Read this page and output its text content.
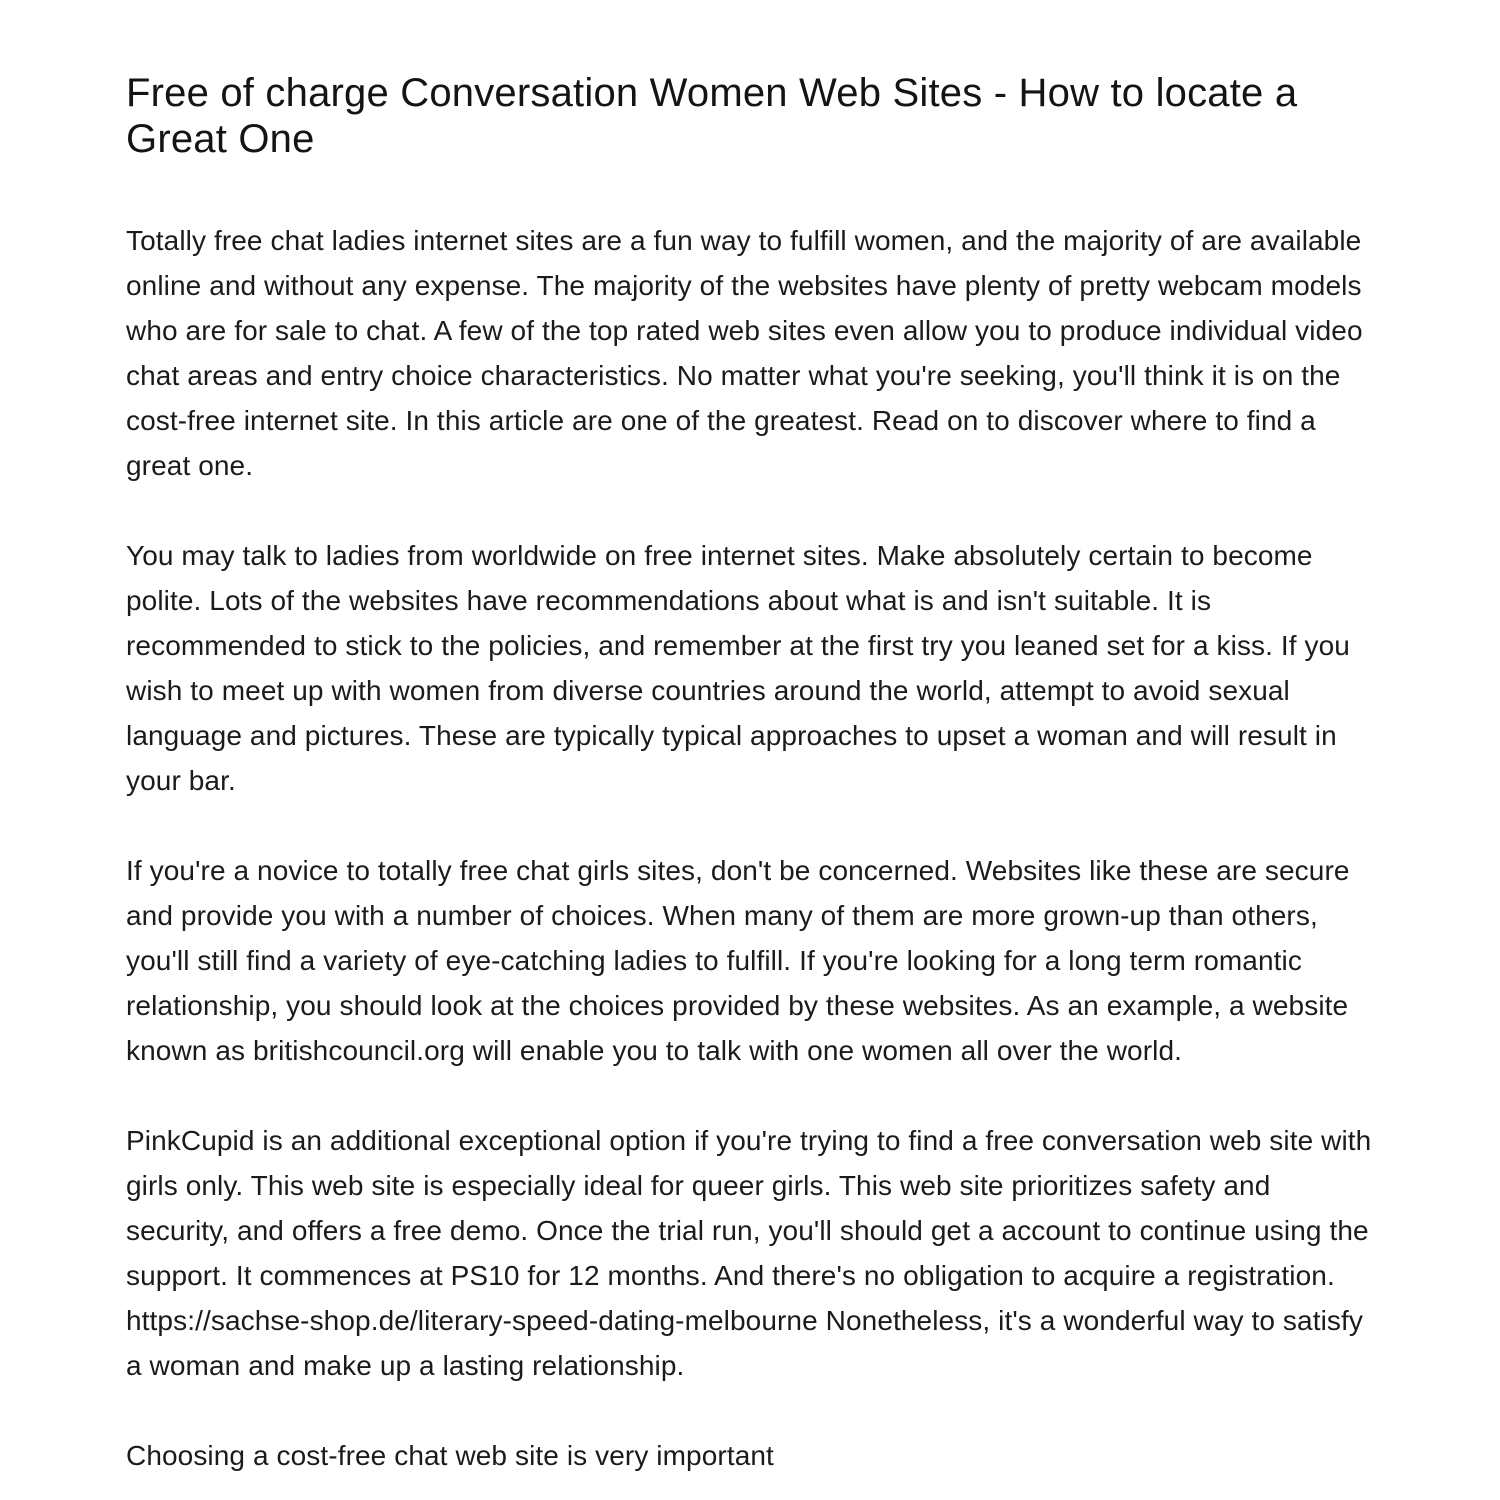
Free of charge Conversation Women Web Sites - How to locate a Great One

Totally free chat ladies internet sites are a fun way to fulfill women, and the majority of are available online and without any expense. The majority of the websites have plenty of pretty webcam models who are for sale to chat. A few of the top rated web sites even allow you to produce individual video chat areas and entry choice characteristics. No matter what you're seeking, you'll think it is on the cost-free internet site. In this article are one of the greatest. Read on to discover where to find a great one.

You may talk to ladies from worldwide on free internet sites. Make absolutely certain to become polite. Lots of the websites have recommendations about what is and isn't suitable. It is recommended to stick to the policies, and remember at the first try you leaned set for a kiss. If you wish to meet up with women from diverse countries around the world, attempt to avoid sexual language and pictures. These are typically typical approaches to upset a woman and will result in your bar.

If you're a novice to totally free chat girls sites, don't be concerned. Websites like these are secure and provide you with a number of choices. When many of them are more grown-up than others, you'll still find a variety of eye-catching ladies to fulfill. If you're looking for a long term romantic relationship, you should look at the choices provided by these websites. As an example, a website known as britishcouncil.org will enable you to talk with one women all over the world.

PinkCupid is an additional exceptional option if you're trying to find a free conversation web site with girls only. This web site is especially ideal for queer girls. This web site prioritizes safety and security, and offers a free demo. Once the trial run, you'll should get a account to continue using the support. It commences at PS10 for 12 months. And there's no obligation to acquire a registration. https://sachse-shop.de/literary-speed-dating-melbourne Nonetheless, it's a wonderful way to satisfy a woman and make up a lasting relationship.

Choosing a cost-free chat web site is very important
